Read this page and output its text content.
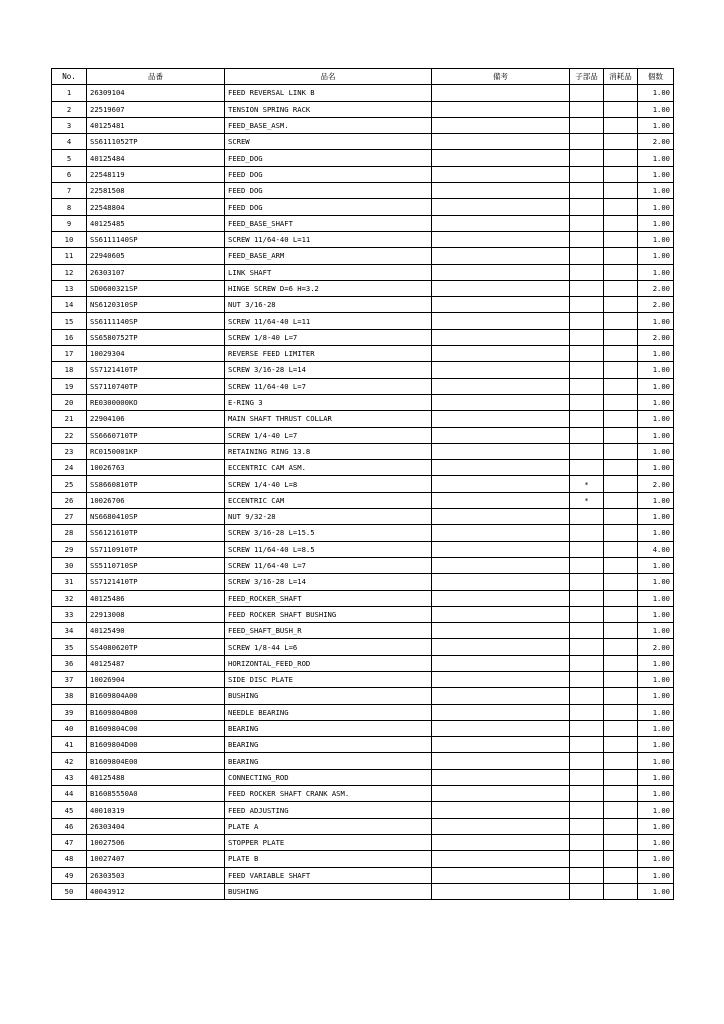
No.	品番	品名	備考	子部品	消耗品	個数
1	26309104	FEED REVERSAL LINK B				1.00
2	22519607	TENSION SPRING RACK				1.00
3	40125481	FEED_BASE_ASM.				1.00
4	SS6111052TP	SCREW				2.00
5	40125484	FEED_DOG				1.00
6	22548119	FEED DOG				1.00
7	22581508	FEED DOG				1.00
8	22548804	FEED DOG				1.00
9	40125485	FEED_BASE_SHAFT				1.00
10	SS6111140SP	SCREW 11/64-40 L=11				1.00
11	22940605	FEED_BASE_ARM				1.00
12	26303107	LINK SHAFT				1.00
13	SD0600321SP	HINGE SCREW D=6 H=3.2				2.00
14	NS6120310SP	NUT 3/16-28				2.00
15	SS6111140SP	SCREW 11/64-40 L=11				1.00
16	SS6580752TP	SCREW 1/8-40 L=7				2.00
17	10029304	REVERSE FEED LIMITER				1.00
18	SS7121410TP	SCREW 3/16-28 L=14				1.00
19	SS7110740TP	SCREW 11/64-40 L=7				1.00
20	RE0300000KO	E-RING 3				1.00
21	22904106	MAIN SHAFT THRUST COLLAR				1.00
22	SS6660710TP	SCREW 1/4-40 L=7				1.00
23	RC0150001KP	RETAINING RING 13.8				1.00
24	10026763	ECCENTRIC CAM ASM.				1.00
25	SS8660810TP	SCREW 1/4-40 L=8		*		2.00
26	10026706	ECCENTRIC CAM		*		1.00
27	NS6680410SP	NUT 9/32-28				1.00
28	SS6121610TP	SCREW 3/16-28 L=15.5				1.00
29	SS7110910TP	SCREW 11/64-40 L=8.5				4.00
30	SS5110710SP	SCREW 11/64-40 L=7				1.00
31	SS7121410TP	SCREW 3/16-28 L=14				1.00
32	40125486	FEED_ROCKER_SHAFT				1.00
33	22913008	FEED ROCKER SHAFT BUSHING				1.00
34	40125490	FEED_SHAFT_BUSH_R				1.00
35	SS4080620TP	SCREW 1/8-44 L=6				2.00
36	40125487	HORIZONTAL_FEED_ROD				1.00
37	10026904	SIDE DISC PLATE				1.00
38	B1609804A00	BUSHING				1.00
39	B1609804B00	NEEDLE BEARING				1.00
40	B1609804C00	BEARING				1.00
41	B1609804D00	BEARING				1.00
42	B1609804E00	BEARING				1.00
43	40125488	CONNECTING_ROD				1.00
44	B16085550A0	FEED ROCKER SHAFT CRANK ASM.				1.00
45	40010319	FEED ADJUSTING				1.00
46	26303404	PLATE A				1.00
47	10027506	STOPPER PLATE				1.00
48	10027407	PLATE B				1.00
49	26303503	FEED VARIABLE SHAFT				1.00
50	40043912	BUSHING				1.00
